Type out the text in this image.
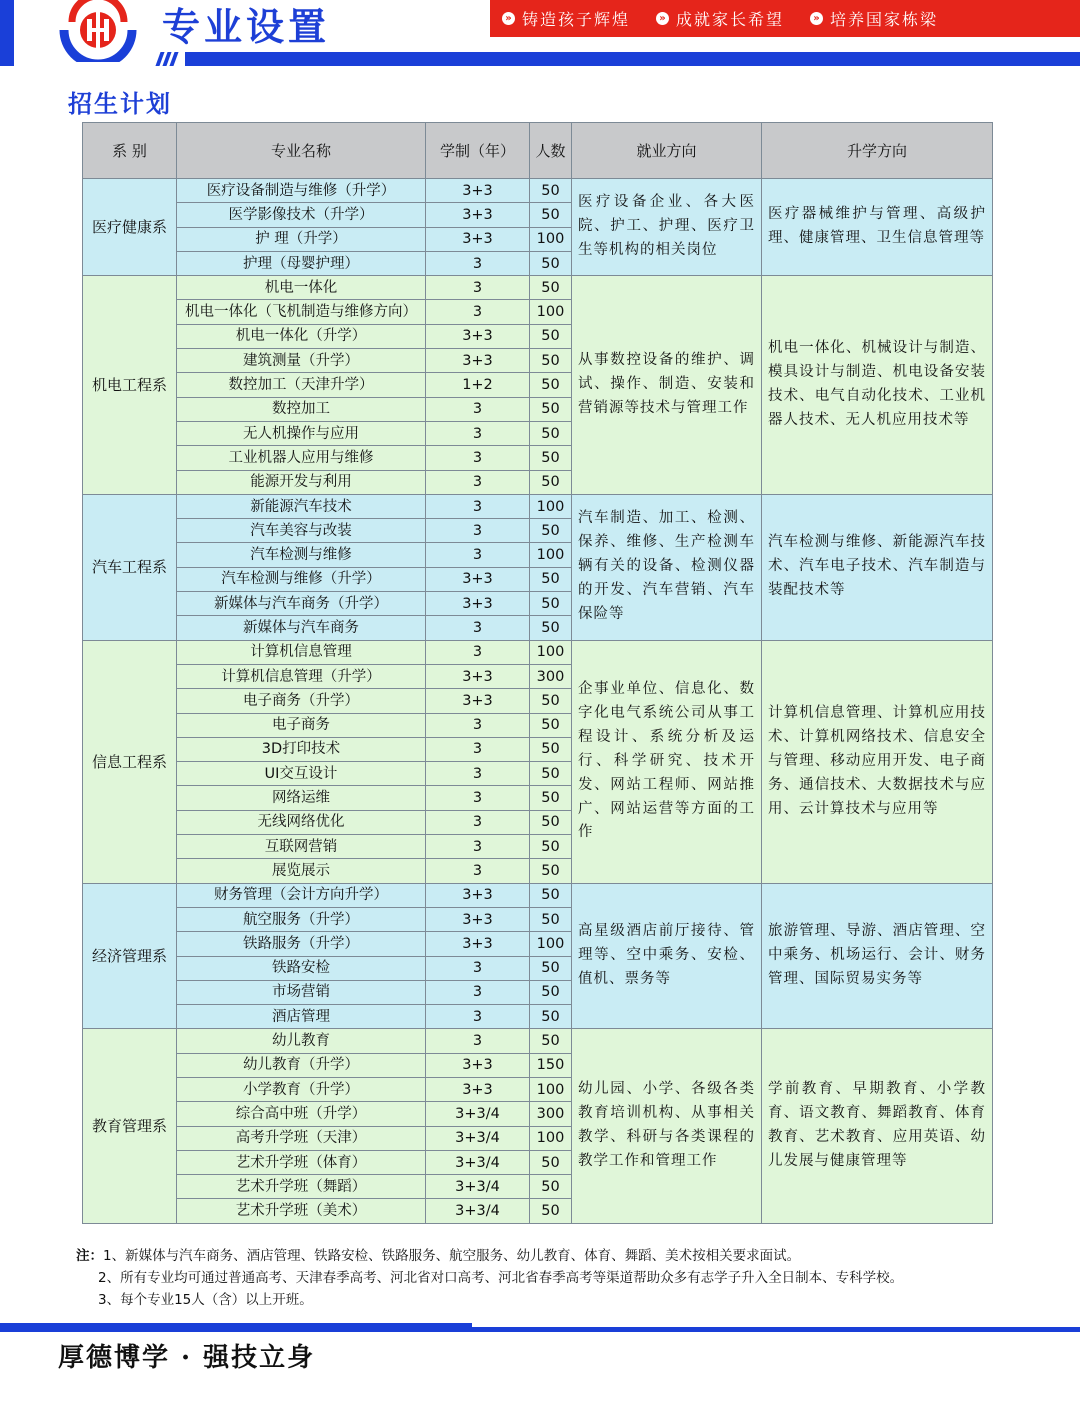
专业设置	» 铸造孩子辉煌	» 成就家长希望	» 培养国家栋梁
招生计划
系 别	专业名称	学制（年）	人数	就业方向	升学方向
医疗健康系	医疗设备制造与维修（升学）	3+3	50	医疗设备企业、各大医院、护工、护理、医疗卫生等机构的相关岗位	医疗器械维护与管理、高级护理、健康管理、卫生信息管理等
	医学影像技术（升学）	3+3	50		
	护 理（升学）	3+3	100		
	护理（母婴护理）	3	50		
机电工程系	机电一体化	3	50	从事数控设备的维护、调试、操作、制造、安装和营销源等技术与管理工作	机电一体化、机械设计与制造、模具设计与制造、机电设备安装技术、电气自动化技术、工业机器人技术、无人机应用技术等
	机电一体化（飞机制造与维修方向）	3	100		
	机电一体化（升学）	3+3	50		
	建筑测量（升学）	3+3	50		
	数控加工（天津升学）	1+2	50		
	数控加工	3	50		
	无人机操作与应用	3	50		
	工业机器人应用与维修	3	50		
	能源开发与利用	3	50		
汽车工程系	新能源汽车技术	3	100	汽车制造、加工、检测、保养、维修、生产检测车辆有关的设备、检测仪器的开发、汽车营销、汽车保险等	汽车检测与维修、新能源汽车技术、汽车电子技术、汽车制造与装配技术等
	汽车美容与改装	3	50		
	汽车检测与维修	3	100		
	汽车检测与维修（升学）	3+3	50		
	新媒体与汽车商务（升学）	3+3	50		
	新媒体与汽车商务	3	50		
信息工程系	计算机信息管理	3	100	企事业单位、信息化、数字化电气系统公司从事工程设计、系统分析及运行、科学研究、技术开发、网站工程师、网站推广、网站运营等方面的工作	计算机信息管理、计算机应用技术、计算机网络技术、信息安全与管理、移动应用开发、电子商务、通信技术、大数据技术与应用、云计算技术与应用等
	计算机信息管理（升学）	3+3	300		
	电子商务（升学）	3+3	50		
	电子商务	3	50		
	3D打印技术	3	50		
	UI交互设计	3	50		
	网络运维	3	50		
	无线网络优化	3	50		
	互联网营销	3	50		
	展览展示	3	50		
经济管理系	财务管理（会计方向升学）	3+3	50	高星级酒店前厅接待、管理等、空中乘务、安检、值机、票务等	旅游管理、导游、酒店管理、空中乘务、机场运行、会计、财务管理、国际贸易实务等
	航空服务（升学）	3+3	50		
	铁路服务（升学）	3+3	100		
	铁路安检	3	50		
	市场营销	3	50		
	酒店管理	3	50		
教育管理系	幼儿教育	3	50	幼儿园、小学、各级各类教育培训机构、从事相关教学、科研与各类课程的教学工作和管理工作	学前教育、早期教育、小学教育、语文教育、舞蹈教育、体育教育、艺术教育、应用英语、幼儿发展与健康管理等
	幼儿教育（升学）	3+3	150		
	小学教育（升学）	3+3	100		
	综合高中班（升学）	3+3/4	300		
	高考升学班（天津）	3+3/4	100		
	艺术升学班（体育）	3+3/4	50		
	艺术升学班（舞蹈）	3+3/4	50		
	艺术升学班（美术）	3+3/4	50		
注：1、新媒体与汽车商务、酒店管理、铁路安检、铁路服务、航空服务、幼儿教育、体育、舞蹈、美术按相关要求面试。
2、所有专业均可通过普通高考、天津春季高考、河北省对口高考、河北省春季高考等渠道帮助众多有志学子升入全日制本、专科学校。
3、每个专业15人（含）以上开班。
厚德博学 · 强技立身
